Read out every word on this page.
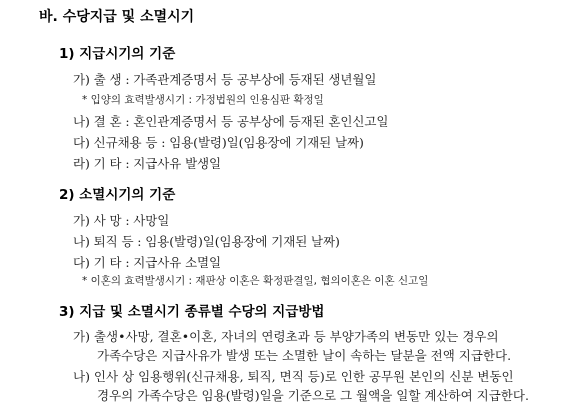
바. 수당지급 및 소멸시기
1) 지급시기의 기준
가) 출 생 : 가족관계증명서 등 공부상에 등재된 생년월일
* 입양의 효력발생시기 : 가정법원의 인용심판 확정일
나) 결 혼 : 혼인관계증명서 등 공부상에 등재된 혼인신고일
다) 신규채용 등 : 임용(발령)일(임용장에 기재된 날짜)
라) 기 타 : 지급사유 발생일
2) 소멸시기의 기준
가) 사 망 : 사망일
나) 퇴직 등 : 임용(발령)일(임용장에 기재된 날짜)
다) 기 타 : 지급사유 소멸일
* 이혼의 효력발생시기 : 재판상 이혼은 확정판결일, 협의이혼은 이혼 신고일
3) 지급 및 소멸시기 종류별 수당의 지급방법
가) 출생•사망, 결혼•이혼, 자녀의 연령초과 등 부양가족의 변동만 있는 경우의
가족수당은 지급사유가 발생 또는 소멸한 날이 속하는 달분을 전액 지급한다.
나) 인사 상 임용행위(신규채용, 퇴직, 면직 등)로 인한 공무원 본인의 신분 변동인
경우의 가족수당은 임용(발령)일을 기준으로 그 월액을 일할 계산하여 지급한다.
